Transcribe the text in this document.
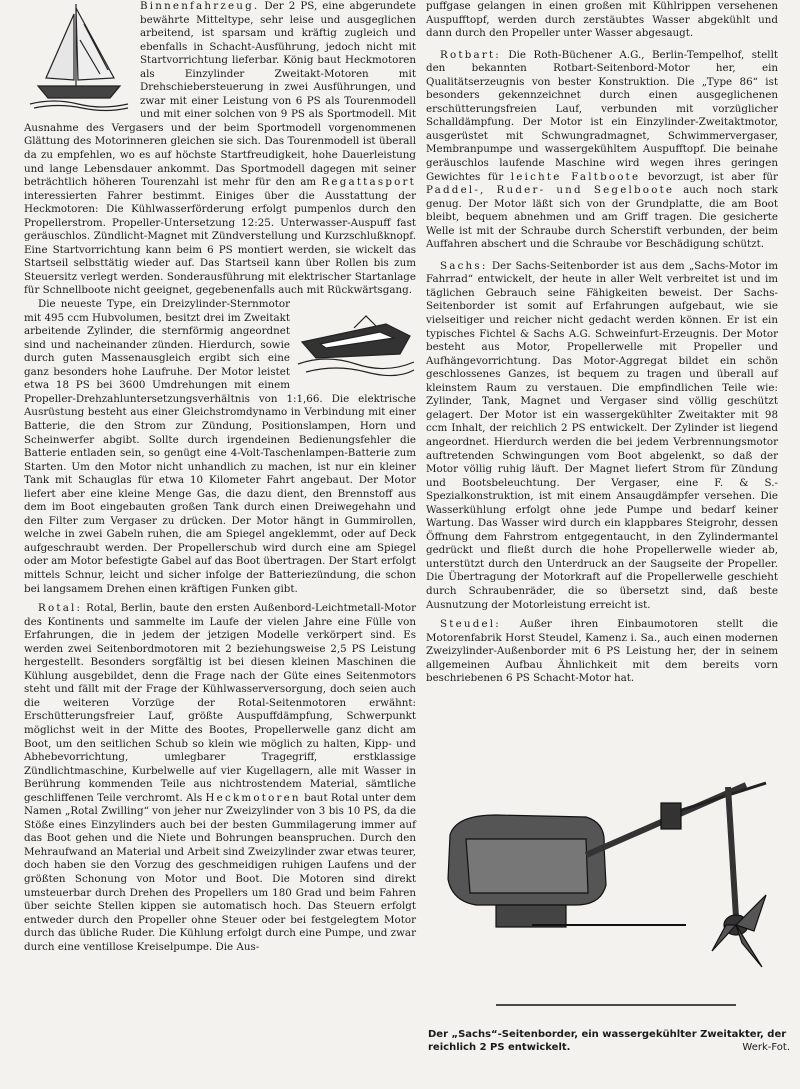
Binnenfahrzeug. Der 2 PS, eine abgerundete bewährte Mitteltype, sehr leise und ausgeglichen arbeitend, ist sparsam und kräftig zugleich und ebenfalls in Schacht-Ausführung, jedoch nicht mit Startvorrichtung lieferbar. König baut Heckmotoren als Einzylinder Zweitakt-Motoren mit Drehschiebersteuerung in zwei Ausführungen, und zwar mit einer Leistung von 6 PS als Tourenmodell und mit einer solchen von 9 PS als Sportmodell. Mit Ausnahme des Vergasers und der beim Sportmodell vorgenommenen Glättung des Motorinneren gleichen sie sich. Das Tourenmodell ist überall da zu empfehlen, wo es auf höchste Startfreudigkeit, hohe Dauerleistung und lange Lebensdauer ankommt. Das Sportmodell dagegen mit seiner beträchtlich höheren Tourenzahl ist mehr für den am Regattasport interessierten Fahrer bestimmt. Einiges über die Ausstattung der Heckmotoren: Die Kühlwasserförderung erfolgt pumpenlos durch den Propellerstrom. Propeller-Untersetzung 12:25. Unterwasser-Auspuff fast geräuschlos. Zündlicht-Magnet mit Zündverstellung und Kurzschlußknopf. Eine Startvorrichtung kann beim 6 PS montiert werden, sie wickelt das Startseil selbsttätig wieder auf. Das Startseil kann über Rollen bis zum Steuersitz verlegt werden. Sonderausführung mit elektrischer Startanlage für Schnellboote nicht geeignet, gegebenenfalls auch mit Rückwärtsgang.

Die neueste Type, ein Dreizylinder-Sternmotor mit 495 ccm Hubvolumen, besitzt drei im Zweitakt arbeitende Zylinder, die sternförmig angeordnet sind und nacheinander zünden. Hierdurch, sowie durch guten Massenausgleich ergibt sich eine ganz besonders hohe Laufruhe. Der Motor leistet etwa 18 PS bei 3600 Umdrehungen mit einem Propeller-Drehzahluntersetzungsverhältnis von 1:1,66. Die elektrische Ausrüstung besteht aus einer Gleichstromdynamo in Verbindung mit einer Batterie, die den Strom zur Zündung, Positionslampen, Horn und Scheinwerfer abgibt. Sollte durch irgendeinen Bedienungsfehler die Batterie entladen sein, so genügt eine 4-Volt-Taschenlampen-Batterie zum Starten. Um den Motor nicht unhandlich zu machen, ist nur ein kleiner Tank mit Schauglas für etwa 10 Kilometer Fahrt angebaut. Der Motor liefert aber eine kleine Menge Gas, die dazu dient, den Brennstoff aus dem im Boot eingebauten großen Tank durch einen Dreiwegehahn und den Filter zum Vergaser zu drücken. Der Motor hängt in Gummirollen, welche in zwei Gabeln ruhen, die am Spiegel angeklemmt, oder auf Deck aufgeschraubt werden. Der Propellerschub wird durch eine am Spiegel oder am Motor befestigte Gabel auf das Boot übertragen. Der Start erfolgt mittels Schnur, leicht und sicher infolge der Batteriezündung, die schon bei langsamem Drehen einen kräftigen Funken gibt.

Rotal: Rotal, Berlin, baute den ersten Außenbord-Leichtmetall-Motor des Kontinents und sammelte im Laufe der vielen Jahre eine Fülle von Erfahrungen, die in jedem der jetzigen Modelle verkörpert sind. Es werden zwei Seitenbordmotoren mit 2 beziehungsweise 2,5 PS Leistung hergestellt. Besonders sorgfältig ist bei diesen kleinen Maschinen die Kühlung ausgebildet, denn die Frage nach der Güte eines Seitenmotors steht und fällt mit der Frage der Kühlwasserversorgung, doch seien auch die weiteren Vorzüge der Rotal-Seitenmotoren erwähnt: Erschütterungsfreier Lauf, größte Auspuffdämpfung, Schwerpunkt möglichst weit in der Mitte des Bootes, Propellerwelle ganz dicht am Boot, um den seitlichen Schub so klein wie möglich zu halten, Kipp- und Abhebevorrichtung, umlegbarer Tragegriff, erstklassige Zündlichtmaschine, Kurbelwelle auf vier Kugellagern, alle mit Wasser in Berührung kommenden Teile aus nichtrostendem Material, sämtliche geschliffenen Teile verchromt. Als Heckmotoren baut Rotal unter dem Namen „Rotal Zwilling“ von jeher nur Zweizylinder von 3 bis 10 PS, da die Stöße eines Einzylinders auch bei der besten Gummilagerung immer auf das Boot gehen und die Niete und Bohrungen beanspruchen. Durch den Mehraufwand an Material und Arbeit sind Zweizylinder zwar etwas teurer, doch haben sie den Vorzug des geschmeidigen ruhigen Laufens und der größten Schonung von Motor und Boot. Die Motoren sind direkt umsteuerbar durch Drehen des Propellers um 180 Grad und beim Fahren über seichte Stellen kippen sie automatisch hoch. Das Steuern erfolgt entweder durch den Propeller ohne Steuer oder bei festgelegtem Motor durch das übliche Ruder. Die Kühlung erfolgt durch eine Pumpe, und zwar durch eine ventillose Kreiselpumpe. Die Aus-

puffgase gelangen in einen großen mit Kühlrippen versehenen Auspufftopf, werden durch zerstäubtes Wasser abgekühlt und dann durch den Propeller unter Wasser abgesaugt.

Rotbart: Die Roth-Büchener A.G., Berlin-Tempelhof, stellt den bekannten Rotbart-Seitenbord-Motor her, ein Qualitätserzeugnis von bester Konstruktion. Die „Type 86“ ist besonders gekennzeichnet durch einen ausgeglichenen erschütterungsfreien Lauf, verbunden mit vorzüglicher Schalldämpfung. Der Motor ist ein Einzylinder-Zweitaktmotor, ausgerüstet mit Schwungradmagnet, Schwimmervergaser, Membranpumpe und wassergekühltem Auspufftopf. Die beinahe geräuschlos laufende Maschine wird wegen ihres geringen Gewichtes für leichte Faltboote bevorzugt, ist aber für Paddel-, Ruder- und Segelboote auch noch stark genug. Der Motor läßt sich von der Grundplatte, die am Boot bleibt, bequem abnehmen und am Griff tragen. Die gesicherte Welle ist mit der Schraube durch Scherstift verbunden, der beim Auffahren abschert und die Schraube vor Beschädigung schützt.

Sachs: Der Sachs-Seitenborder ist aus dem „Sachs-Motor im Fahrrad“ entwickelt, der heute in aller Welt verbreitet ist und im täglichen Gebrauch seine Fähigkeiten beweist. Der Sachs-Seitenborder ist somit auf Erfahrungen aufgebaut, wie sie vielseitiger und reicher nicht gedacht werden können. Er ist ein typisches Fichtel & Sachs A.G. Schweinfurt-Erzeugnis. Der Motor besteht aus Motor, Propellerwelle mit Propeller und Aufhängevorrichtung. Das Motor-Aggregat bildet ein schön geschlossenes Ganzes, ist bequem zu tragen und überall auf kleinstem Raum zu verstauen. Die empfindlichen Teile wie: Zylinder, Tank, Magnet und Vergaser sind völlig geschützt gelagert. Der Motor ist ein wassergekühlter Zweitakter mit 98 ccm Inhalt, der reichlich 2 PS entwickelt. Der Zylinder ist liegend angeordnet. Hierdurch werden die bei jedem Verbrennungsmotor auftretenden Schwingungen vom Boot abgelenkt, so daß der Motor völlig ruhig läuft. Der Magnet liefert Strom für Zündung und Bootsbeleuchtung. Der Vergaser, eine F. & S.-Spezialkonstruktion, ist mit einem Ansaugdämpfer versehen. Die Wasserkühlung erfolgt ohne jede Pumpe und bedarf keiner Wartung. Das Wasser wird durch ein klappbares Steigrohr, dessen Öffnung dem Fahrstrom entgegentaucht, in den Zylindermantel gedrückt und fließt durch die hohe Propellerwelle wieder ab, unterstützt durch den Unterdruck an der Saugseite der Propeller. Die Übertragung der Motorkraft auf die Propellerwelle geschieht durch Schraubenräder, die so übersetzt sind, daß beste Ausnutzung der Motorleistung erreicht ist.

Steudel: Außer ihren Einbaumotoren stellt die Motorenfabrik Horst Steudel, Kamenz i. Sa., auch einen modernen Zweizylinder-Außenborder mit 6 PS Leistung her, der in seinem allgemeinen Aufbau Ähnlichkeit mit dem bereits vorn beschriebenen 6 PS Schacht-Motor hat.

Der „Sachs“-Seitenborder, ein wassergekühlter Zweitakter, der reichlich 2 PS entwickelt.	Werk-Fot.
